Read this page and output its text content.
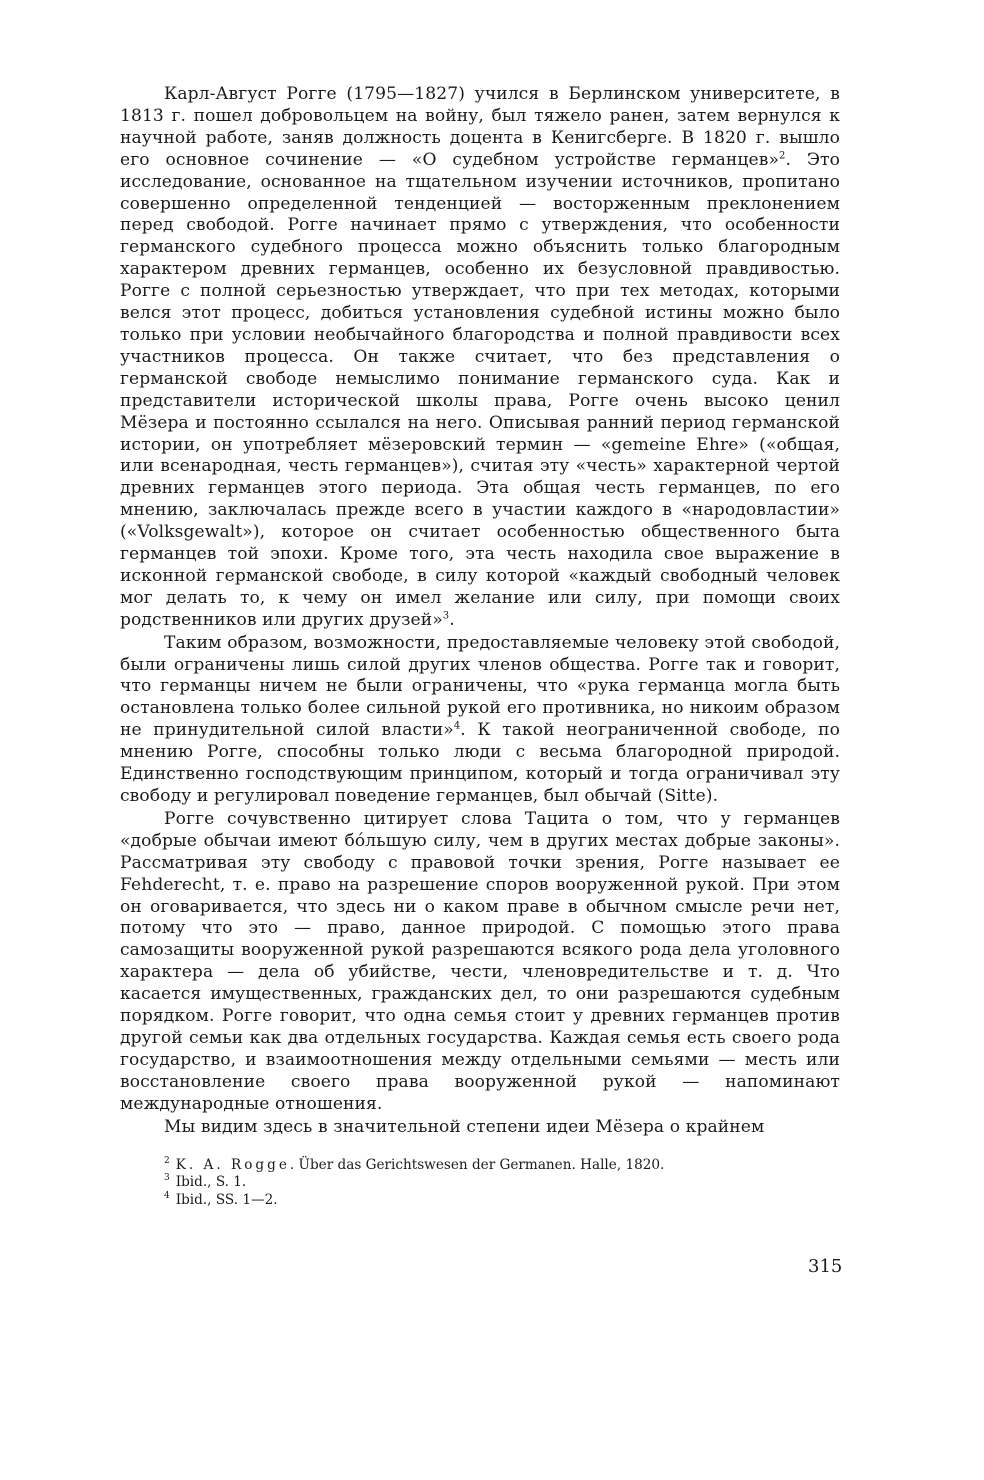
Карл-Август Рогге (1795—1827) учился в Берлинском университете, в 1813 г. пошел добровольцем на войну, был тяжело ранен, затем вернулся к научной работе, заняв должность доцента в Кенигсберге. В 1820 г. вышло его основное сочинение — «О судебном устройстве германцев»$^2$. Это исследование, основанное на тщательном изучении источников, пропитано совершенно определенной тенденцией — восторженным преклонением перед свободой. Рогге начинает прямо с утверждения, что особенности германского судебного процесса можно объяснить только благородным характером древних германцев, особенно их безусловной правдивостью. Рогге с полной серьезностью утверждает, что при тех методах, которыми велся этот процесс, добиться установления судебной истины можно было только при условии необычайного благородства и полной правдивости всех участников процесса. Он также считает, что без представления о германской свободе немыслимо понимание германского суда. Как и представители исторической школы права, Рогге очень высоко ценил Мёзера и постоянно ссылался на него. Описывая ранний период германской истории, он употребляет мёзеровский термин — «gemeine Ehre» («общая, или всенародная, честь германцев»), считая эту «честь» характерной чертой древних германцев этого периода. Эта общая честь германцев, по его мнению, заключалась прежде всего в участии каждого в «народовластии» («Volksgewalt»), которое он считает особенностью общественного быта германцев той эпохи. Кроме того, эта честь находила свое выражение в исконной германской свободе, в силу которой «каждый свободный человек мог делать то, к чему он имел желание или силу, при помощи своих родственников или других друзей»$^3$.

Таким образом, возможности, предоставляемые человеку этой свободой, были ограничены лишь силой других членов общества. Рогге так и говорит, что германцы ничем не были ограничены, что «рука германца могла быть остановлена только более сильной рукой его противника, но никоим образом не принудительной силой власти»$^4$. К такой неограниченной свободе, по мнению Рогге, способны только люди с весьма благородной природой. Единственно господствующим принципом, который и тогда ограничивал эту свободу и регулировал поведение германцев, был обычай (Sitte).

Рогге сочувственно цитирует слова Тацита о том, что у германцев «добрые обычаи имеют бóльшую силу, чем в других местах добрые законы». Рассматривая эту свободу с правовой точки зрения, Рогге называет ее Fehderecht, т. е. право на разрешение споров вооруженной рукой. При этом он оговаривается, что здесь ни о каком праве в обычном смысле речи нет, потому что это — право, данное природой. С помощью этого права самозащиты вооруженной рукой разрешаются всякого рода дела уголовного характера — дела об убийстве, чести, членовредительстве и т. д. Что касается имущественных, гражданских дел, то они разрешаются судебным порядком. Рогге говорит, что одна семья стоит у древних германцев против другой семьи как два отдельных государства. Каждая семья есть своего рода государство, и взаимоотношения между отдельными семьями — месть или восстановление своего права вооруженной рукой — напоминают международные отношения.

Мы видим здесь в значительной степени идеи Мёзера о крайнем

$^2$ K. A. Rogge. Über das Gerichtswesen der Germanen. Halle, 1820.

$^3$ Ibid., S. 1.

$^4$ Ibid., SS. 1—2.

315
